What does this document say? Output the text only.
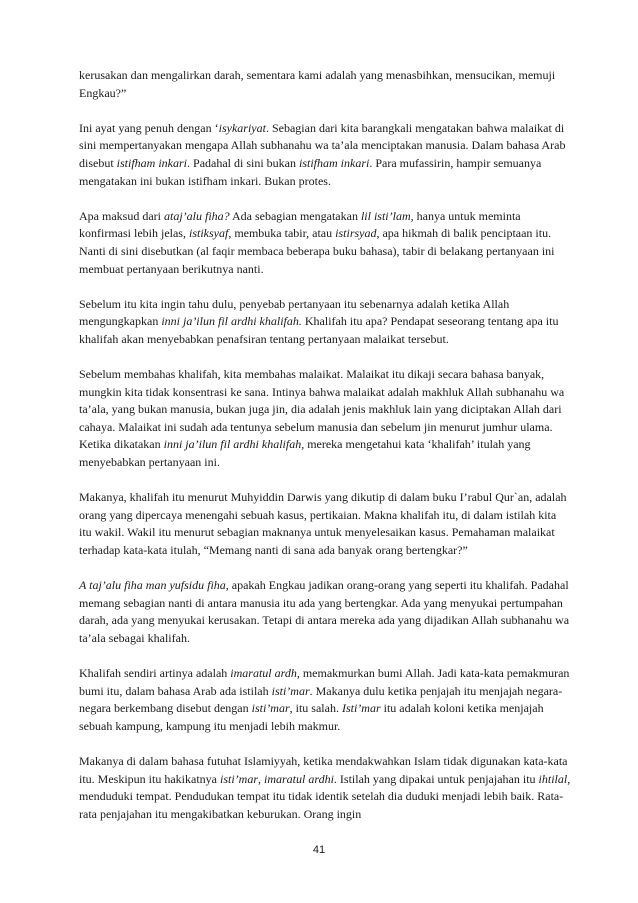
kerusakan dan mengalirkan darah, sementara kami adalah yang menasbihkan, mensucikan, memuji Engkau?”

Ini ayat yang penuh dengan ‘isykariyat. Sebagian dari kita barangkali mengatakan bahwa malaikat di sini mempertanyakan mengapa Allah subhanahu wa ta’ala menciptakan manusia. Dalam bahasa Arab disebut istifham inkari. Padahal di sini bukan istifham inkari. Para mufassirin, hampir semuanya mengatakan ini bukan istifham inkari. Bukan protes.

Apa maksud dari ataj’alu fiha? Ada sebagian mengatakan lil isti’lam, hanya untuk meminta konfirmasi lebih jelas, istiksyaf, membuka tabir, atau istirsyad, apa hikmah di balik penciptaan itu. Nanti di sini disebutkan (al faqir membaca beberapa buku bahasa), tabir di belakang pertanyaan ini membuat pertanyaan berikutnya nanti.

Sebelum itu kita ingin tahu dulu, penyebab pertanyaan itu sebenarnya adalah ketika Allah mengungkapkan inni ja’ilun fil ardhi khalifah. Khalifah itu apa? Pendapat seseorang tentang apa itu khalifah akan menyebabkan penafsiran tentang pertanyaan malaikat tersebut.

Sebelum membahas khalifah, kita membahas malaikat. Malaikat itu dikaji secara bahasa banyak, mungkin kita tidak konsentrasi ke sana. Intinya bahwa malaikat adalah makhluk Allah subhanahu wa ta’ala, yang bukan manusia, bukan juga jin, dia adalah jenis makhluk lain yang diciptakan Allah dari cahaya. Malaikat ini sudah ada tentunya sebelum manusia dan sebelum jin menurut jumhur ulama. Ketika dikatakan inni ja’ilun fil ardhi khalifah, mereka mengetahui kata ‘khalifah’ itulah yang menyebabkan pertanyaan ini.

Makanya, khalifah itu menurut Muhyiddin Darwis yang dikutip di dalam buku I’rabul Qur`an, adalah orang yang dipercaya menengahi sebuah kasus, pertikaian. Makna khalifah itu, di dalam istilah kita itu wakil. Wakil itu menurut sebagian maknanya untuk menyelesaikan kasus. Pemahaman malaikat terhadap kata-kata itulah, “Memang nanti di sana ada banyak orang bertengkar?”

A taj’alu fiha man yufsidu fiha, apakah Engkau jadikan orang-orang yang seperti itu khalifah. Padahal memang sebagian nanti di antara manusia itu ada yang bertengkar. Ada yang menyukai pertumpahan darah, ada yang menyukai kerusakan. Tetapi di antara mereka ada yang dijadikan Allah subhanahu wa ta’ala sebagai khalifah.

Khalifah sendiri artinya adalah imaratul ardh, memakmurkan bumi Allah. Jadi kata-kata pemakmuran bumi itu, dalam bahasa Arab ada istilah isti’mar. Makanya dulu ketika penjajah itu menjajah negara-negara berkembang disebut dengan isti’mar, itu salah. Isti’mar itu adalah koloni ketika menjajah sebuah kampung, kampung itu menjadi lebih makmur.

Makanya di dalam bahasa futuhat Islamiyyah, ketika mendakwahkan Islam tidak digunakan kata-kata itu. Meskipun itu hakikatnya isti’mar, imaratul ardhi. Istilah yang dipakai untuk penjajahan itu ihtilal, menduduki tempat. Pendudukan tempat itu tidak identik setelah dia duduki menjadi lebih baik. Rata-rata penjajahan itu mengakibatkan keburukan. Orang ingin

41
